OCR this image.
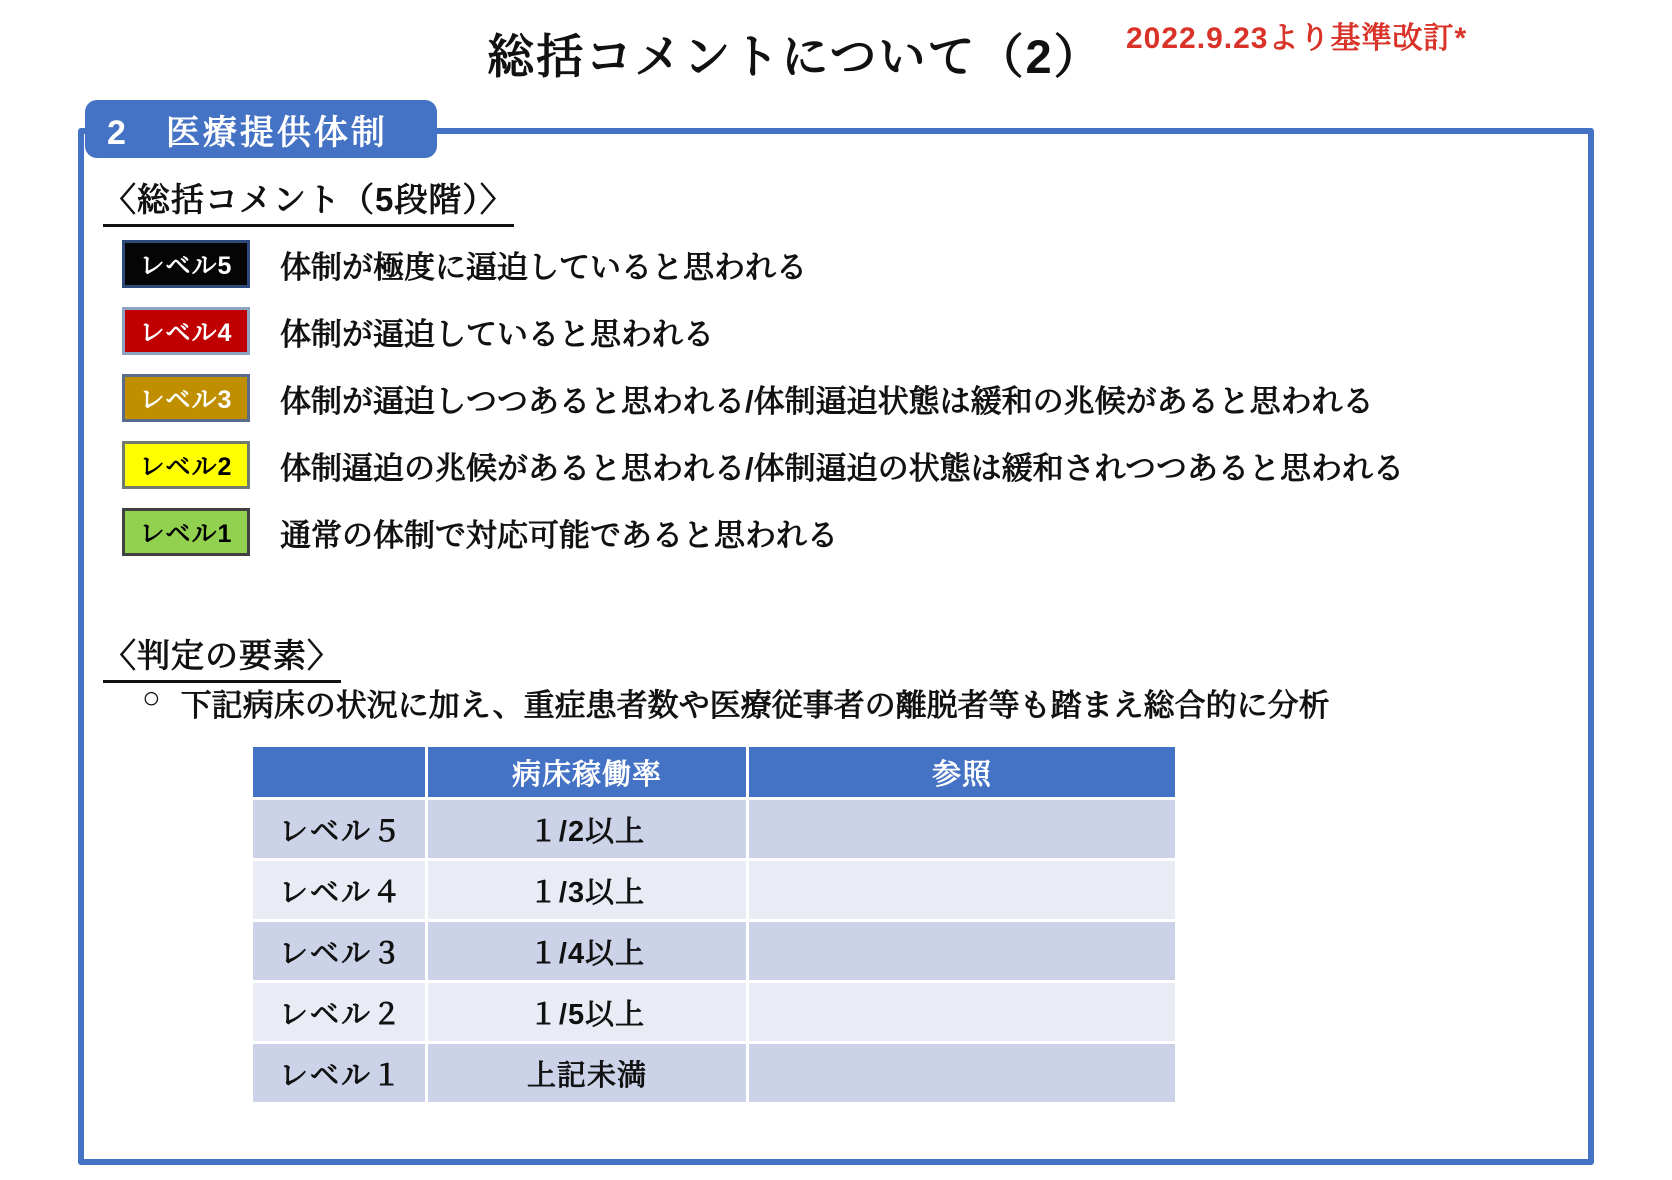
総括コメントについて（2） 2022.9.23より基準改訂*
2　医療提供体制
〈総括コメント（5段階）〉
レベル5	体制が極度に逼迫していると思われる
レベル4	体制が逼迫していると思われる
レベル3	体制が逼迫しつつあると思われる/体制逼迫状態は緩和の兆候があると思われる
レベル2	体制逼迫の兆候があると思われる/体制逼迫の状態は緩和されつつあると思われる
レベル1	通常の体制で対応可能であると思われる
〈判定の要素〉
○ 下記病床の状況に加え、重症患者数や医療従事者の離脱者等も踏まえ総合的に分析
	病床稼働率	参照
レベル５	１/2以上	
レベル４	１/3以上	
レベル３	１/4以上	
レベル２	１/5以上	
レベル１	上記未満	
